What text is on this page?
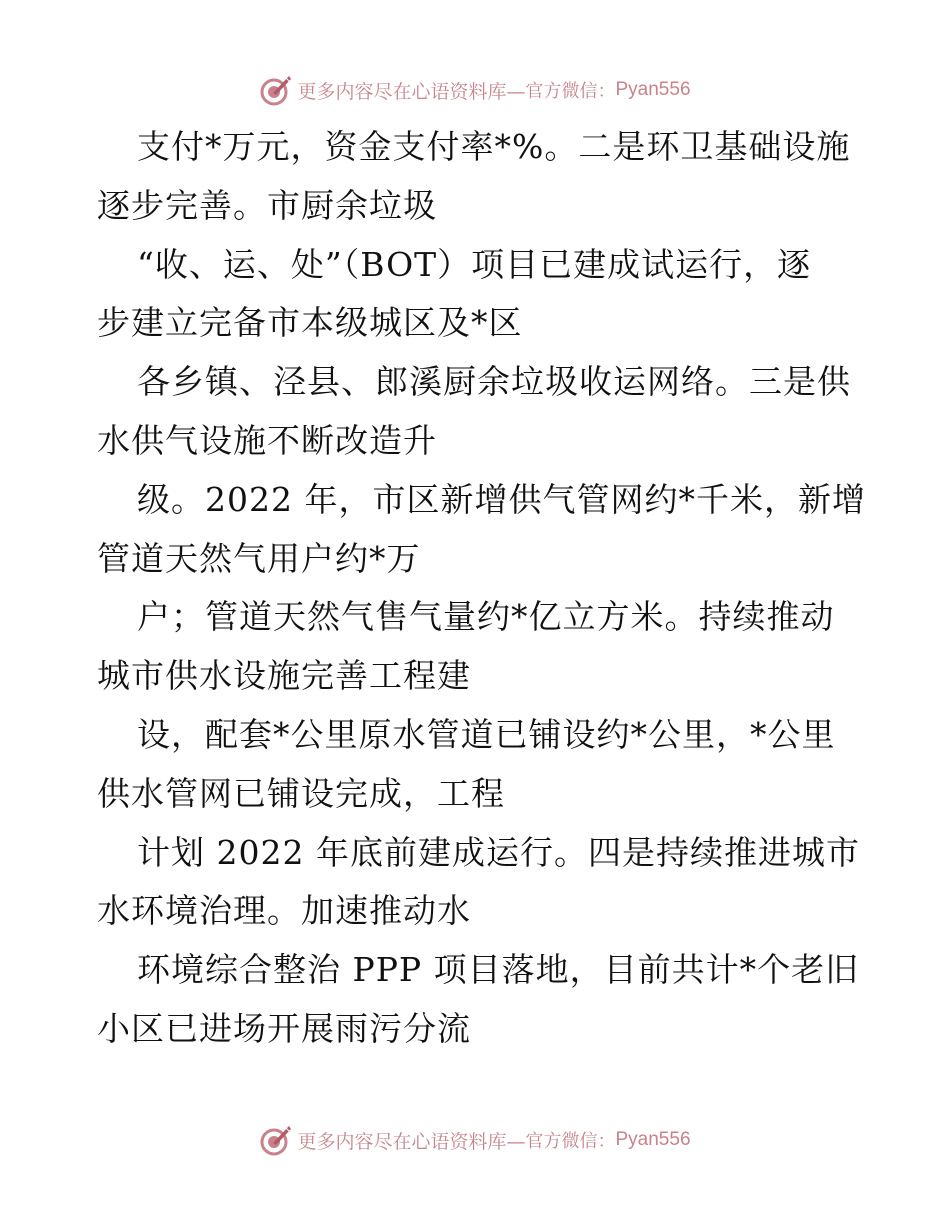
更多内容尽在心语资料库— 官方微信： Pyan556
支付*万元，资金支付率*%。二是环卫基础设施
逐步完善。市厨余垃圾
“收、运、处”（BOT）项目已建成试运行，逐
步建立完备市本级城区及*区
各乡镇、泾县、郎溪厨余垃圾收运网络。三是供
水供气设施不断改造升
级。2022 年，市区新增供气管网约*千米，新增
管道天然气用户约*万
户；管道天然气售气量约*亿立方米。持续推动
城市供水设施完善工程建
设，配套*公里原水管道已铺设约*公里，*公里
供水管网已铺设完成，工程
计划 2022 年底前建成运行。四是持续推进城市
水环境治理。加速推动水
环境综合整治 PPP 项目落地，目前共计*个老旧
小区已进场开展雨污分流
更多内容尽在心语资料库— 官方微信： Pyan556
